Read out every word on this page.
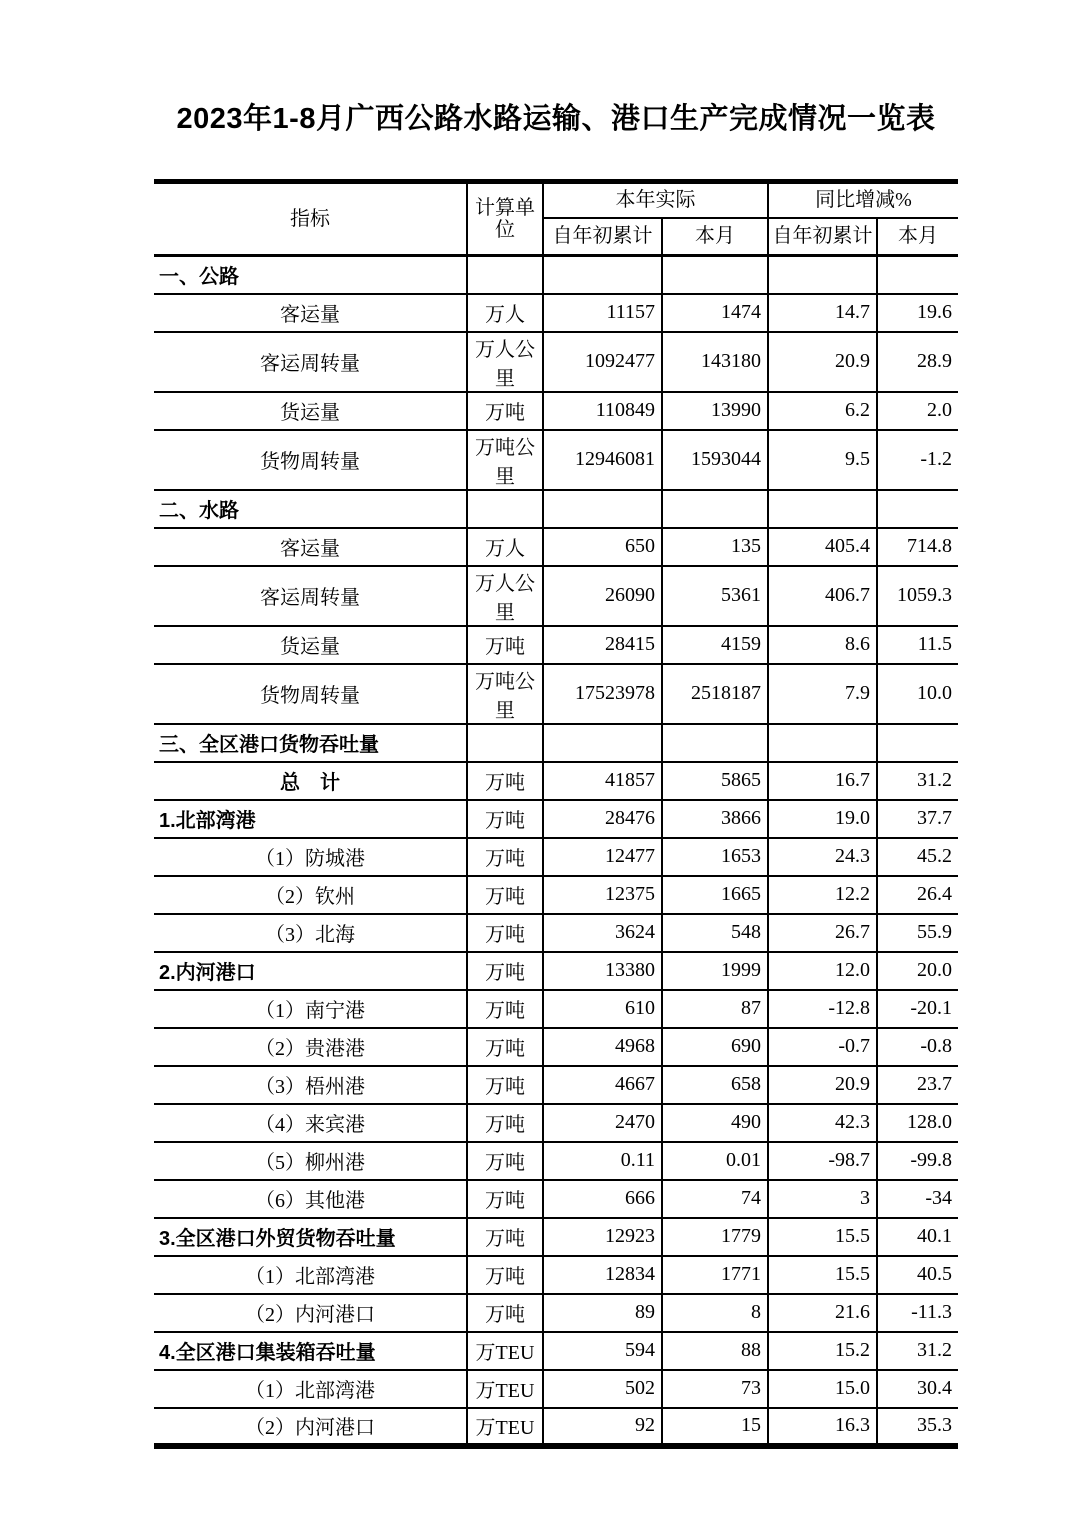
2023年1-8月广西公路水路运输、港口生产完成情况一览表
指标	计算单位	本年实际		同比增减%	
		自年初累计	本月	自年初累计	本月
一、公路					
客运量	万人	11157	1474	14.7	19.6
客运周转量	万人公里	1092477	143180	20.9	28.9
货运量	万吨	110849	13990	6.2	2.0
货物周转量	万吨公里	12946081	1593044	9.5	-1.2
二、水路					
客运量	万人	650	135	405.4	714.8
客运周转量	万人公里	26090	5361	406.7	1059.3
货运量	万吨	28415	4159	8.6	11.5
货物周转量	万吨公里	17523978	2518187	7.9	10.0
三、全区港口货物吞吐量					
总　计	万吨	41857	5865	16.7	31.2
1.北部湾港	万吨	28476	3866	19.0	37.7
（1）防城港	万吨	12477	1653	24.3	45.2
（2）钦州	万吨	12375	1665	12.2	26.4
（3）北海	万吨	3624	548	26.7	55.9
2.内河港口	万吨	13380	1999	12.0	20.0
（1）南宁港	万吨	610	87	-12.8	-20.1
（2）贵港港	万吨	4968	690	-0.7	-0.8
（3）梧州港	万吨	4667	658	20.9	23.7
（4）来宾港	万吨	2470	490	42.3	128.0
（5）柳州港	万吨	0.11	0.01	-98.7	-99.8
（6）其他港	万吨	666	74	3	-34
3.全区港口外贸货物吞吐量	万吨	12923	1779	15.5	40.1
（1）北部湾港	万吨	12834	1771	15.5	40.5
（2）内河港口	万吨	89	8	21.6	-11.3
4.全区港口集装箱吞吐量	万TEU	594	88	15.2	31.2
（1）北部湾港	万TEU	502	73	15.0	30.4
（2）内河港口	万TEU	92	15	16.3	35.3
